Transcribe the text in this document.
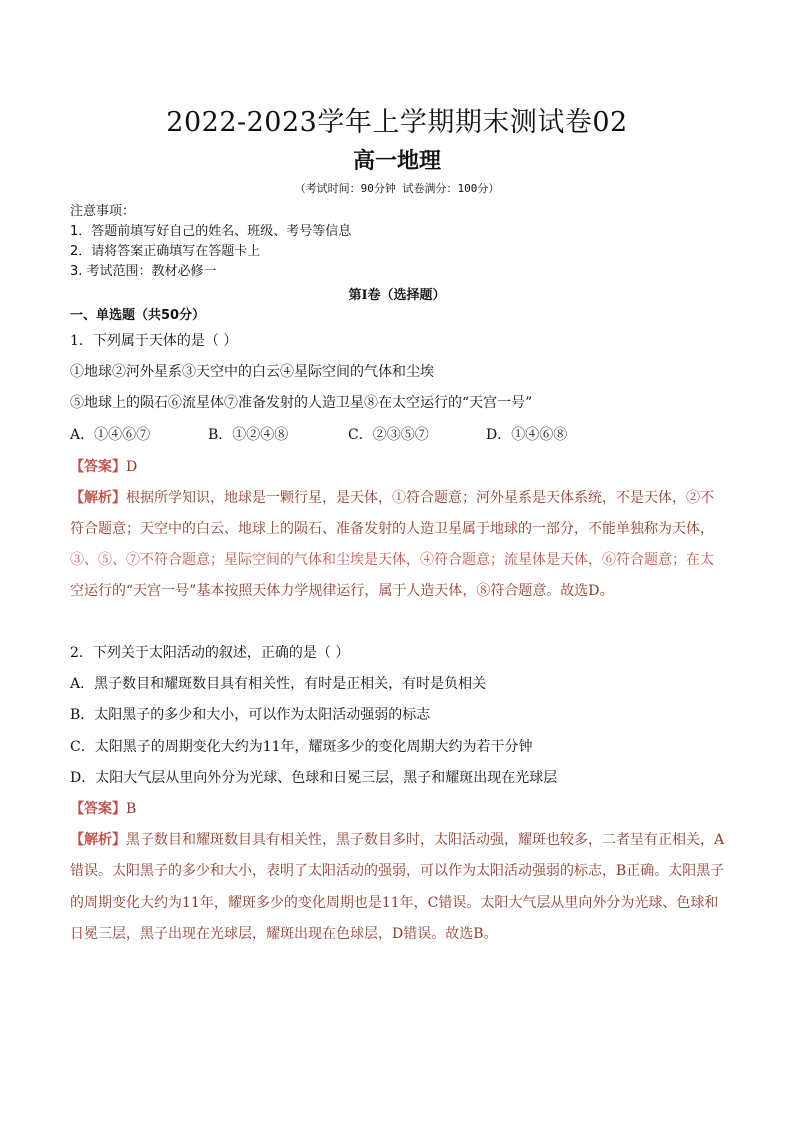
2022-2023学年上学期期末测试卷02
高一地理
（考试时间：90分钟 试卷满分：100分）
注意事项：
1．答题前填写好自己的姓名、班级、考号等信息
2．请将答案正确填写在答题卡上
3. 考试范围：教材必修一
第I卷（选择题）
一、单选题（共50分）
1．下列属于天体的是（ ）
①地球②河外星系③天空中的白云④星际空间的气体和尘埃
⑤地球上的陨石⑥流星体⑦准备发射的人造卫星⑧在太空运行的“天宫一号”
A．①④⑥⑦	B．①②④⑧	C．②③⑤⑦	D．①④⑥⑧
【答案】D
【解析】根据所学知识，地球是一颗行星，是天体，①符合题意；河外星系是天体系统，不是天体，②不
符合题意；天空中的白云、地球上的陨石、准备发射的人造卫星属于地球的一部分，不能单独称为天体，
③、⑤、⑦不符合题意；星际空间的气体和尘埃是天体，④符合题意；流星体是天体，⑥符合题意；在太
空运行的“天宫一号”基本按照天体力学规律运行，属于人造天体，⑧符合题意。故选D。
2．下列关于太阳活动的叙述，正确的是（ ）
A．黑子数目和耀斑数目具有相关性，有时是正相关，有时是负相关
B．太阳黑子的多少和大小，可以作为太阳活动强弱的标志
C．太阳黑子的周期变化大约为11年，耀斑多少的变化周期大约为若干分钟
D．太阳大气层从里向外分为光球、色球和日冕三层，黑子和耀斑出现在光球层
【答案】B
【解析】黑子数目和耀斑数目具有相关性，黑子数目多时，太阳活动强，耀斑也较多，二者呈有正相关，A
错误。太阳黑子的多少和大小，表明了太阳活动的强弱，可以作为太阳活动强弱的标志，B正确。太阳黑子
的周期变化大约为11年，耀斑多少的变化周期也是11年，C错误。太阳大气层从里向外分为光球、色球和
日冕三层，黑子出现在光球层，耀斑出现在色球层，D错误。故选B。
